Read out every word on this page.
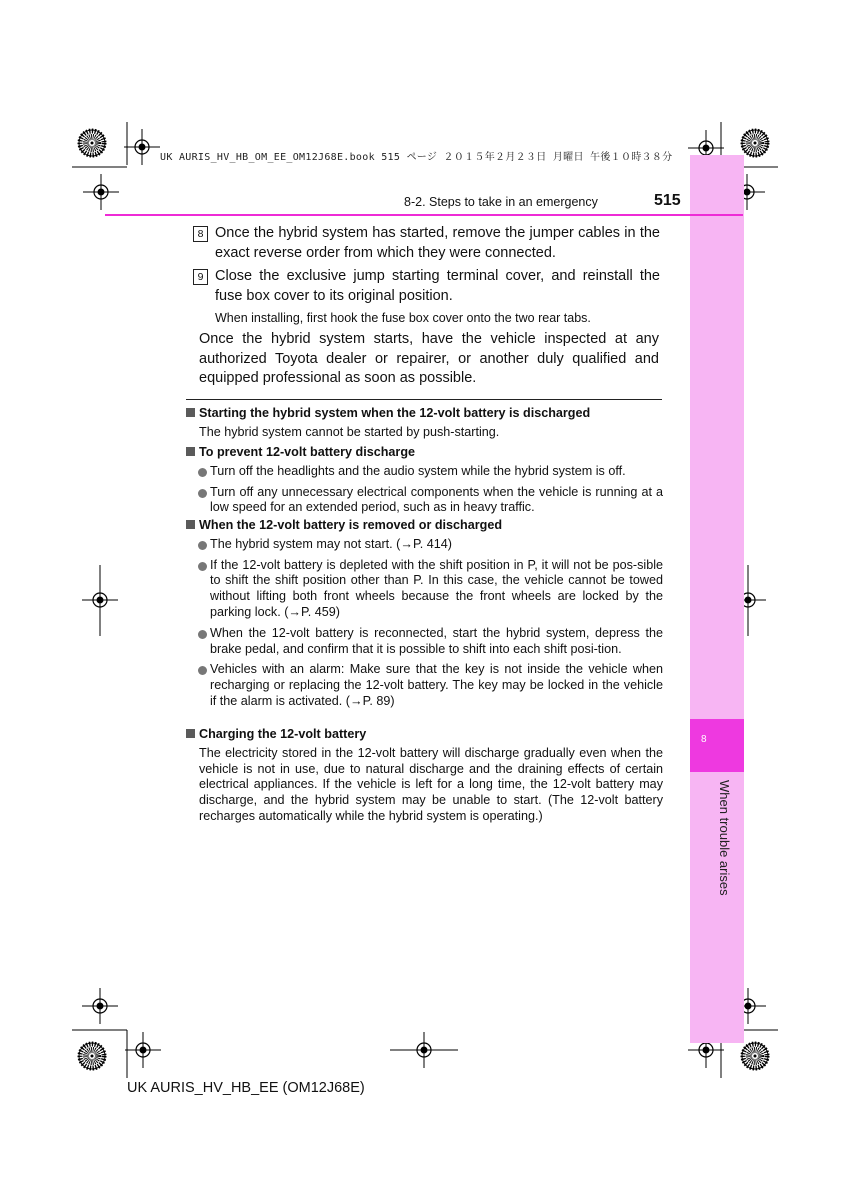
UK AURIS_HV_HB_OM_EE_OM12J68E.book 515 ページ ２０１５年２月２３日 月曜日 午後１０時３８分
8
When trouble arises
8-2. Steps to take in an emergency	515
8 Once the hybrid system has started, remove the jumper cables in the exact reverse order from which they were connected.
9 Close the exclusive jump starting terminal cover, and reinstall the fuse box cover to its original position.
When installing, first hook the fuse box cover onto the two rear tabs.
Once the hybrid system starts, have the vehicle inspected at any authorized Toyota dealer or repairer, or another duly qualified and equipped professional as soon as possible.
Starting the hybrid system when the 12-volt battery is discharged
The hybrid system cannot be started by push-starting.
To prevent 12-volt battery discharge
Turn off the headlights and the audio system while the hybrid system is off.
Turn off any unnecessary electrical components when the vehicle is running at a low speed for an extended period, such as in heavy traffic.
When the 12-volt battery is removed or discharged
The hybrid system may not start. (→P. 414)
If the 12-volt battery is depleted with the shift position in P, it will not be pos-sible to shift the shift position other than P. In this case, the vehicle cannot be towed without lifting both front wheels because the front wheels are locked by the parking lock. (→P. 459)
When the 12-volt battery is reconnected, start the hybrid system, depress the brake pedal, and confirm that it is possible to shift into each shift posi-tion.
Vehicles with an alarm: Make sure that the key is not inside the vehicle when recharging or replacing the 12-volt battery. The key may be locked in the vehicle if the alarm is activated. (→P. 89)
Charging the 12-volt battery
The electricity stored in the 12-volt battery will discharge gradually even when the vehicle is not in use, due to natural discharge and the draining effects of certain electrical appliances. If the vehicle is left for a long time, the 12-volt battery may discharge, and the hybrid system may be unable to start. (The 12-volt battery recharges automatically while the hybrid system is operating.)
UK AURIS_HV_HB_EE (OM12J68E)
